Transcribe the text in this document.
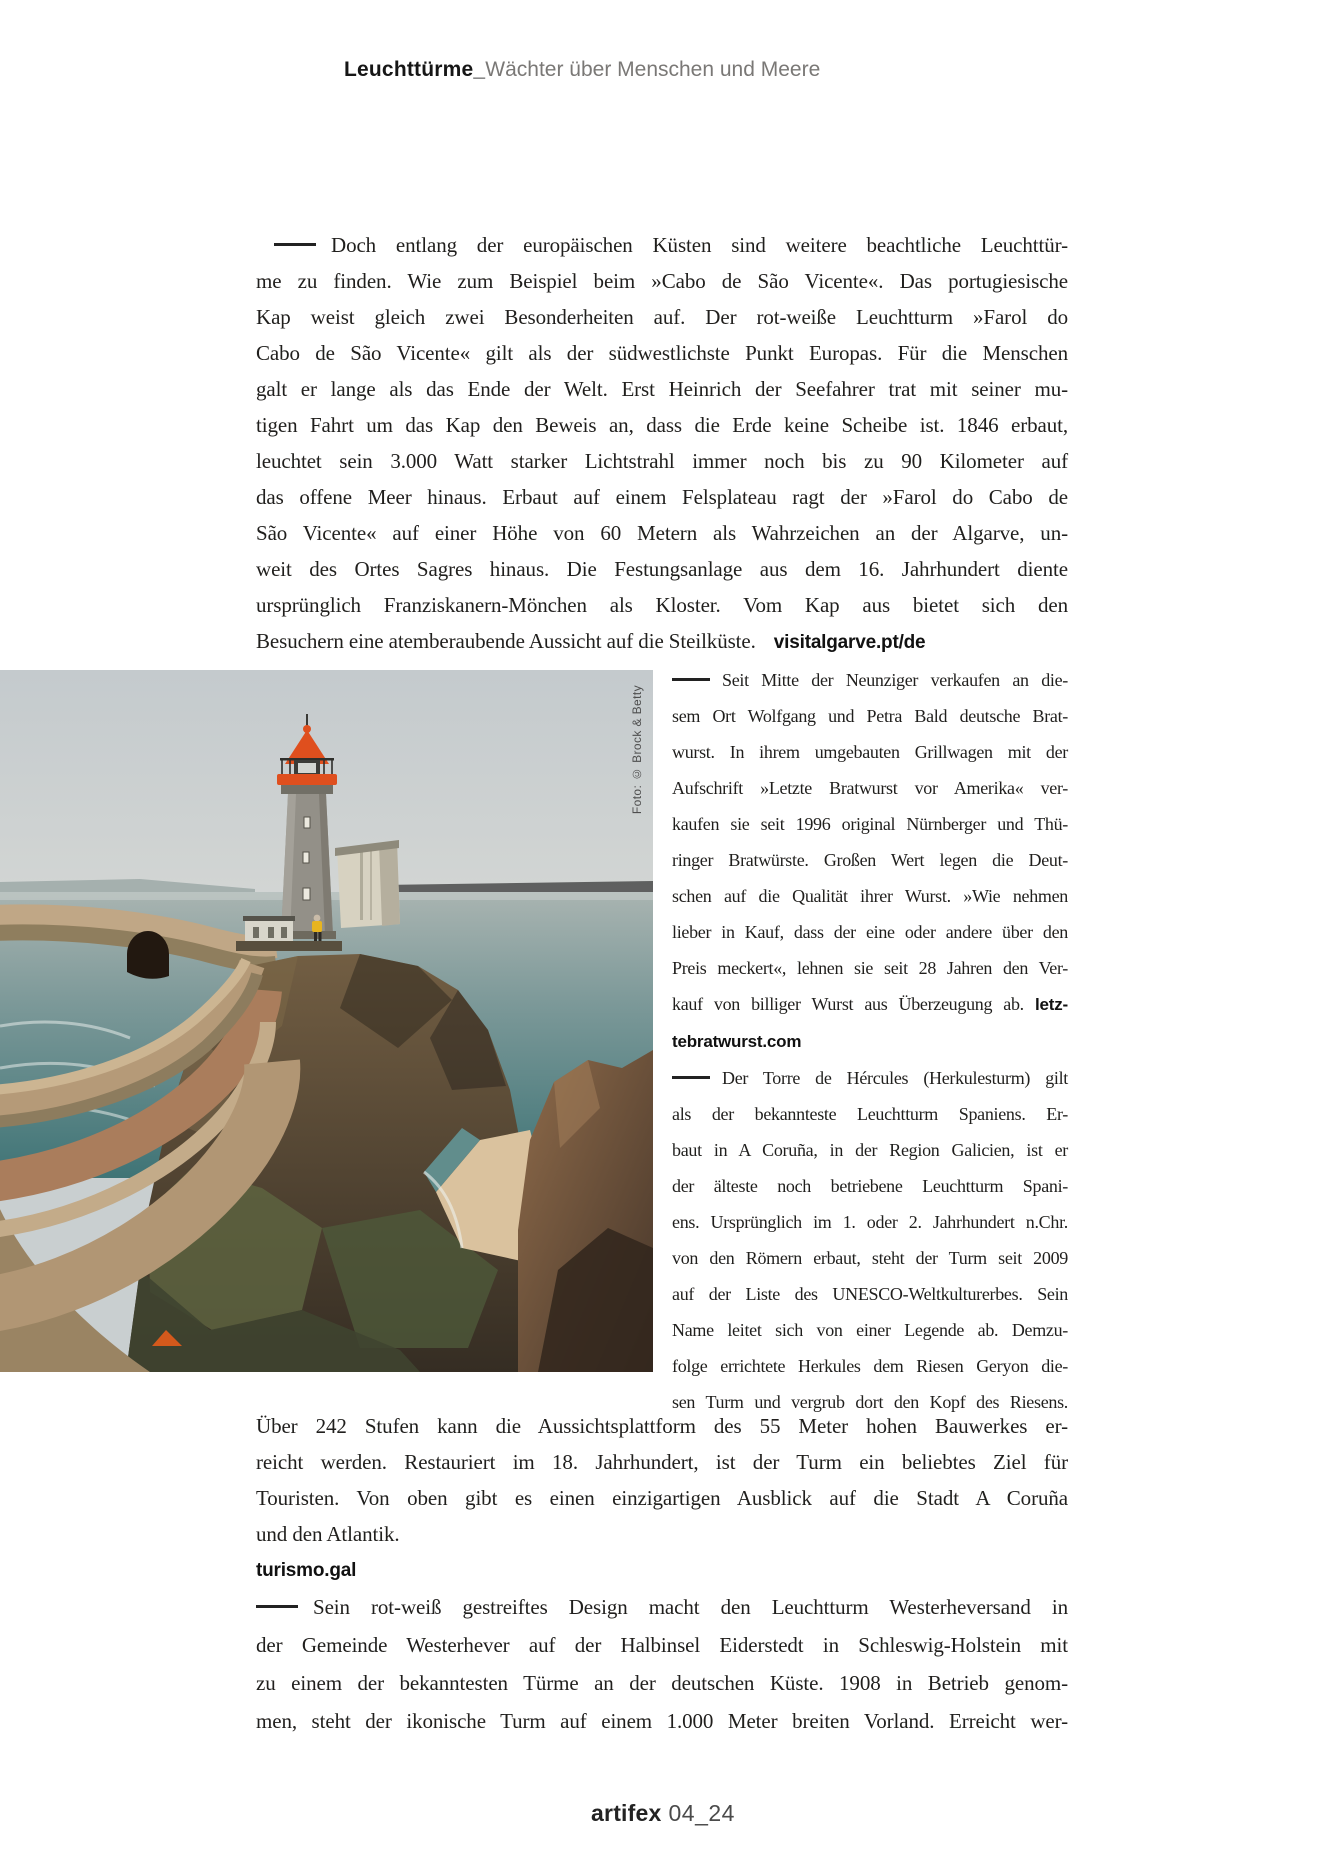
Leuchttürme_Wächter über Menschen und Meere
Doch entlang der europäischen Küsten sind weitere beachtliche Leuchttür-
me zu finden. Wie zum Beispiel beim »Cabo de São Vicente«. Das portugiesische
Kap weist gleich zwei Besonderheiten auf. Der rot-weiße Leuchtturm »Farol do
Cabo de São Vicente« gilt als der südwestlichste Punkt Europas. Für die Menschen
galt er lange als das Ende der Welt. Erst Heinrich der Seefahrer trat mit seiner mu-
tigen Fahrt um das Kap den Beweis an, dass die Erde keine Scheibe ist. 1846 erbaut,
leuchtet sein 3.000 Watt starker Lichtstrahl immer noch bis zu 90 Kilometer auf
das offene Meer hinaus. Erbaut auf einem Felsplateau ragt der »Farol do Cabo de
São Vicente« auf einer Höhe von 60 Metern als Wahrzeichen an der Algarve, un-
weit des Ortes Sagres hinaus. Die Festungsanlage aus dem 16. Jahrhundert diente
ursprünglich Franziskanern-Mönchen als Kloster. Vom Kap aus bietet sich den
Besuchern eine atemberaubende Aussicht auf die Steilküste. visitalgarve.pt/de
Foto: © Brock & Betty
Seit Mitte der Neunziger verkaufen an die-
sem Ort Wolfgang und Petra Bald deutsche Brat-
wurst. In ihrem umgebauten Grillwagen mit der
Aufschrift »Letzte Bratwurst vor Amerika« ver-
kaufen sie seit 1996 original Nürnberger und Thü-
ringer Bratwürste. Großen Wert legen die Deut-
schen auf die Qualität ihrer Wurst. »Wie nehmen
lieber in Kauf, dass der eine oder andere über den
Preis meckert«, lehnen sie seit 28 Jahren den Ver-
kauf von billiger Wurst aus Überzeugung ab. letz-
tebratwurst.com
Der Torre de Hércules (Herkulesturm) gilt
als der bekannteste Leuchtturm Spaniens. Er-
baut in A Coruña, in der Region Galicien, ist er
der älteste noch betriebene Leuchtturm Spani-
ens. Ursprünglich im 1. oder 2. Jahrhundert n.Chr.
von den Römern erbaut, steht der Turm seit 2009
auf der Liste des UNESCO-Weltkulturerbes. Sein
Name leitet sich von einer Legende ab. Demzu-
folge errichtete Herkules dem Riesen Geryon die-
sen Turm und vergrub dort den Kopf des Riesens.
Über 242 Stufen kann die Aussichtsplattform des 55 Meter hohen Bauwerkes er-
reicht werden. Restauriert im 18. Jahrhundert, ist der Turm ein beliebtes Ziel für
Touristen. Von oben gibt es einen einzigartigen Ausblick auf die Stadt A Coruña
und den Atlantik.
turismo.gal
Sein rot-weiß gestreiftes Design macht den Leuchtturm Westerheversand in
der Gemeinde Westerhever auf der Halbinsel Eiderstedt in Schleswig-Holstein mit
zu einem der bekanntesten Türme an der deutschen Küste. 1908 in Betrieb genom-
men, steht der ikonische Turm auf einem 1.000 Meter breiten Vorland. Erreicht wer-
artifex 04_24
